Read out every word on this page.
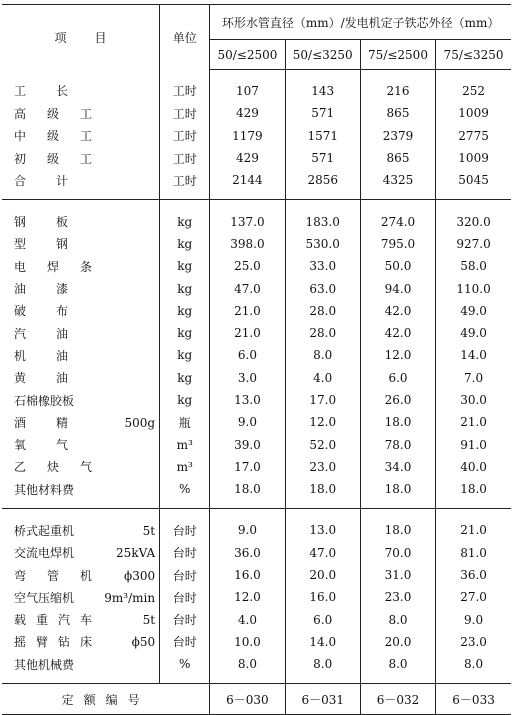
项目	单位	环形水管直径（mm）/发电机定子铁芯外径（mm）			
		50/≤2500	50/≤3250	75/≤2500	75/≤3250

工 长	工时	107	143	216	252

高 级 工	工时	429	571	865	1009

中 级 工	工时	1179	1571	2379	2775

初 级 工	工时	429	571	865	1009

合 计	工时	2144	2856	4325	5045

钢 板	kg	137.0	183.0	274.0	320.0

型 钢	kg	398.0	530.0	795.0	927.0

电 焊 条	kg	25.0	33.0	50.0	58.0

油 漆	kg	47.0	63.0	94.0	110.0

破 布	kg	21.0	28.0	42.0	49.0

汽 油	kg	21.0	28.0	42.0	49.0

机 油	kg	6.0	8.0	12.0	14.0

黄 油	kg	3.0	4.0	6.0	7.0

石棉橡胶板	kg	13.0	17.0	26.0	30.0

酒 精 500g	瓶	9.0	12.0	18.0	21.0

氧 气	m³	39.0	52.0	78.0	91.0

乙 炔 气	m³	17.0	23.0	34.0	40.0

其他材料费	%	18.0	18.0	18.0	18.0

桥式起重机 5t	台时	9.0	13.0	18.0	21.0

交流电焊机 25kVA	台时	36.0	47.0	70.0	81.0

弯 管 机 ϕ300	台时	16.0	20.0	31.0	36.0

空气压缩机 9m³/min	台时	12.0	16.0	23.0	27.0

载 重 汽 车 5t	台时	4.0	6.0	8.0	9.0

摇 臂 钻 床 ϕ50	台时	10.0	14.0	20.0	23.0

其他机械费	%	8.0	8.0	8.0	8.0
定额编号		6－030	6－031	6－032	6－033
